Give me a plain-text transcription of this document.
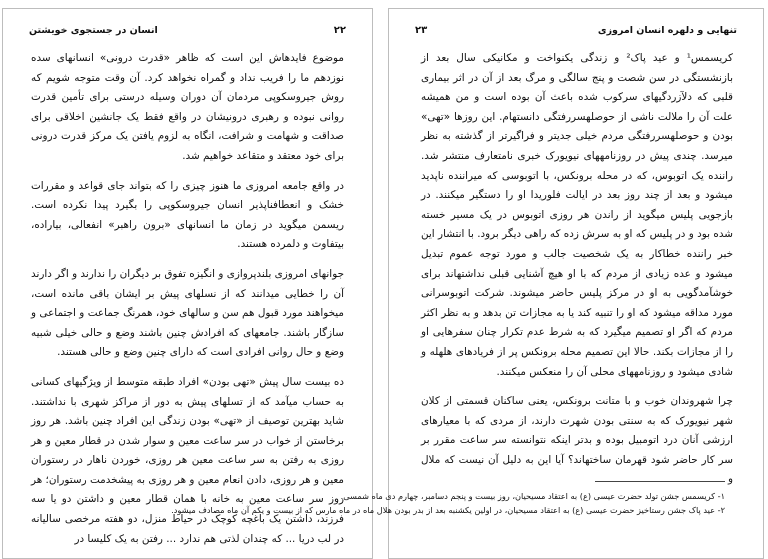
۲۲
انسان در جستجوی خویشتن

موضوع فایدهاش این است که ظاهر «قدرت درونی» انسانهای سده نوزدهم ما را فریب نداد و گمراه نخواهد کرد. آن وقت متوجه شویم که روش جیروسکوپی مردمان آن دوران وسیله درستی برای تأمین قدرت روانی نبوده و رهبری درونیشان در واقع فقط یک جانشین اخلاقی برای صداقت و شهامت و شرافت، انگاه به لزوم یافتن یک مرکز قدرت درونی برای خود معتقد و متقاعد خواهیم شد.

در واقع جامعه امروزی ما هنوز چیزی را که بتواند جای قواعد و مقررات خشک و انعطافناپذیر انسان جیروسکوپی را بگیرد پیدا نکرده است. ریسمن میگوید در زمان ما انسانهای «برون راهبر» انفعالی، بیاراده، بیتفاوت و دلمرده هستند.

جوانهای امروزی بلندپروازی و انگیزه تفوق بر دیگران را ندارند و اگر دارند آن را خطایی میدانند که از نسلهای پیش بر ایشان باقی مانده است، میخواهند مورد قبول هم سن و سالهای خود، همرنگ جماعت و اجتماعی و سازگار باشند. جامعهای که افرادش چنین باشند وضع و حالی خیلی شبیه وضع و حال روانی افرادی است که دارای چنین وضع و حالی هستند.

ده بیست سال پیش «تهی بودن» افراد طبقه متوسط از ویژگیهای کسانی به حساب میآمد که از تسلهای پیش به دور از مراکز شهری با نداشتند. شاید بهترین توصیف از «تهی» بودن زندگی این افراد چنین باشد. هر روز برخاستن از خواب در سر ساعت معین و سوار شدن در قطار معین و هر روزی به رفتن به سر ساعت معین هر روزی، خوردن ناهار در رستوران معین و هر روزی، دادن انعام معین و هر روزی به پیشخدمت رستوران؛ هر روز سر ساعت معین به خانه با همان قطار معین و داشتن دو یا سه فرزند، داشتن یک باغچه کوچک در حیاط منزل، دو هفته مرخصی سالیانه در لب دریا ... که چندان لذتی هم ندارد ... رفتن به یک کلیسا در

تنهایی و دلهره انسان امروزی
۲۳

کریسمس¹ و عید پاک² و زندگی یکنواخت و مکانیکی سال بعد از بازنشستگی در سن شصت و پنج سالگی و مرگ بعد از آن در اثر بیماری قلبی که دلآزردگیهای سرکوب شده باعث آن بوده است و من همیشه علت آن را ملالت ناشی از حوصلهسررفتگی دانستهام. این روزها «تهی» بودن و حوصلهسررفتگی مردم خیلی جدیتر و فراگیرتر از گذشته به نظر میرسد. چندی پیش در روزنامههای نیویورک خبری نامتعارف منتشر شد. راننده یک اتوبوس، که در محله برونکس، با اتوبوسی که میراننده ناپدید میشود و بعد از چند روز بعد در ایالت فلوریدا او را دستگیر میکنند. در بازجویی پلیس میگوید از راندن هر روزی اتوبوس در یک مسیر خسته شده بود و در پلیس که او به سرش زده که راهی دیگر برود. با انتشار این خبر راننده خطاکار به یک شخصیت جالب و مورد توجه عموم تبدیل میشود و عده زیادی از مردم که با او هیچ آشنایی قبلی نداشتهاند برای خوشآمدگویی به او در مرکز پلیس حاضر میشوند. شرکت اتوبوسرانی مورد مداقه میشود که او را تنبیه کند یا به مجازات تن بدهد و به نظر اکثر مردم که اگر او تصمیم میگیرد که به شرط عدم تکرار چنان سفرهایی او را از مجازات بکند. حالا این تصمیم محله برونکس پر از فریادهای هلهله و شادی میشود و روزنامههای محلی آن را منعکس میکنند.

چرا شهروندان خوب و با متانت برونکس، یعنی ساکنان قسمتی از کلان شهر نیویورک که به سنتی بودن شهرت دارند، از مردی که با معیارهای ارزشی آنان درد اتومبیل بوده و بدتر اینکه نتوانسته سر ساعت مقرر بر سر کار حاضر شود قهرمان ساختهاند؟ آیا این به دلیل آن نیست که ملال و

۱- کریسمس جشن تولد حضرت عیسی (ع) به اعتقاد مسیحیان، روز بیست و پنجم دسامبر، چهارم دی ماه شمسی.
۲- عید پاک جشن رستاخیز حضرت عیسی (ع) به اعتقاد مسیحیان، در اولین یکشنبه بعد از بدر بودن هلال ماه در ماه مارس که از بیست و یکم آن ماه مصادف میشود.
